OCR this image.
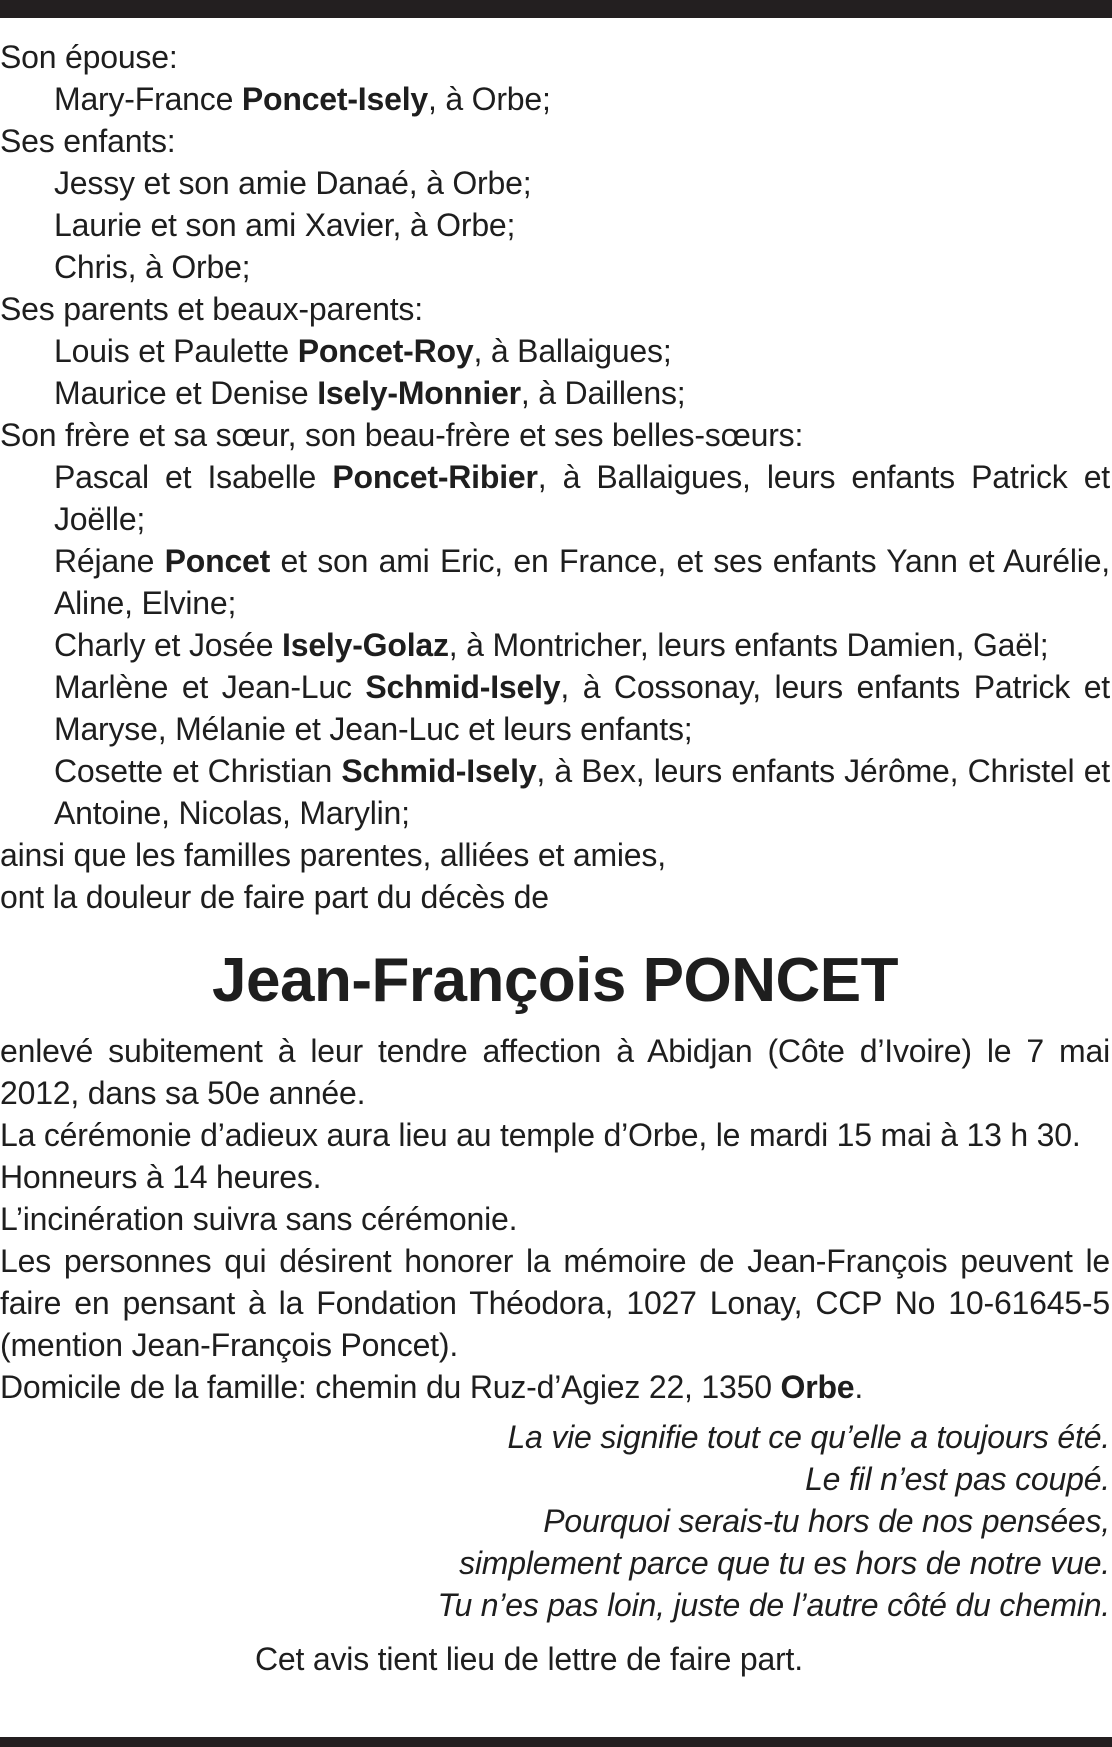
Son épouse:
Mary-France Poncet-Isely, à Orbe;
Ses enfants:
Jessy et son amie Danaé, à Orbe;
Laurie et son ami Xavier, à Orbe;
Chris, à Orbe;
Ses parents et beaux-parents:
Louis et Paulette Poncet-Roy, à Ballaigues;
Maurice et Denise Isely-Monnier, à Daillens;
Son frère et sa sœur, son beau-frère et ses belles-sœurs:
Pascal et Isabelle Poncet-Ribier, à Ballaigues, leurs enfants Patrick et Joëlle;
Réjane Poncet et son ami Eric, en France, et ses enfants Yann et Aurélie, Aline, Elvine;
Charly et Josée Isely-Golaz, à Montricher, leurs enfants Damien, Gaël;
Marlène et Jean-Luc Schmid-Isely, à Cossonay, leurs enfants Patrick et Maryse, Mélanie et Jean-Luc et leurs enfants;
Cosette et Christian Schmid-Isely, à Bex, leurs enfants Jérôme, Christel et Antoine, Nicolas, Marylin;
ainsi que les familles parentes, alliées et amies,
ont la douleur de faire part du décès de
Jean-François PONCET
enlevé subitement à leur tendre affection à Abidjan (Côte d’Ivoire) le 7 mai 2012, dans sa 50e année.
La cérémonie d’adieux aura lieu au temple d’Orbe, le mardi 15 mai à 13 h 30.
Honneurs à 14 heures.
L’incinération suivra sans cérémonie.
Les personnes qui désirent honorer la mémoire de Jean-François peuvent le faire en pensant à la Fondation Théodora, 1027 Lonay, CCP No 10-61645-5 (mention Jean-François Poncet).
Domicile de la famille: chemin du Ruz-d’Agiez 22, 1350 Orbe.
La vie signifie tout ce qu’elle a toujours été.
Le fil n’est pas coupé.
Pourquoi serais-tu hors de nos pensées,
simplement parce que tu es hors de notre vue.
Tu n’es pas loin, juste de l’autre côté du chemin.
Cet avis tient lieu de lettre de faire part.
